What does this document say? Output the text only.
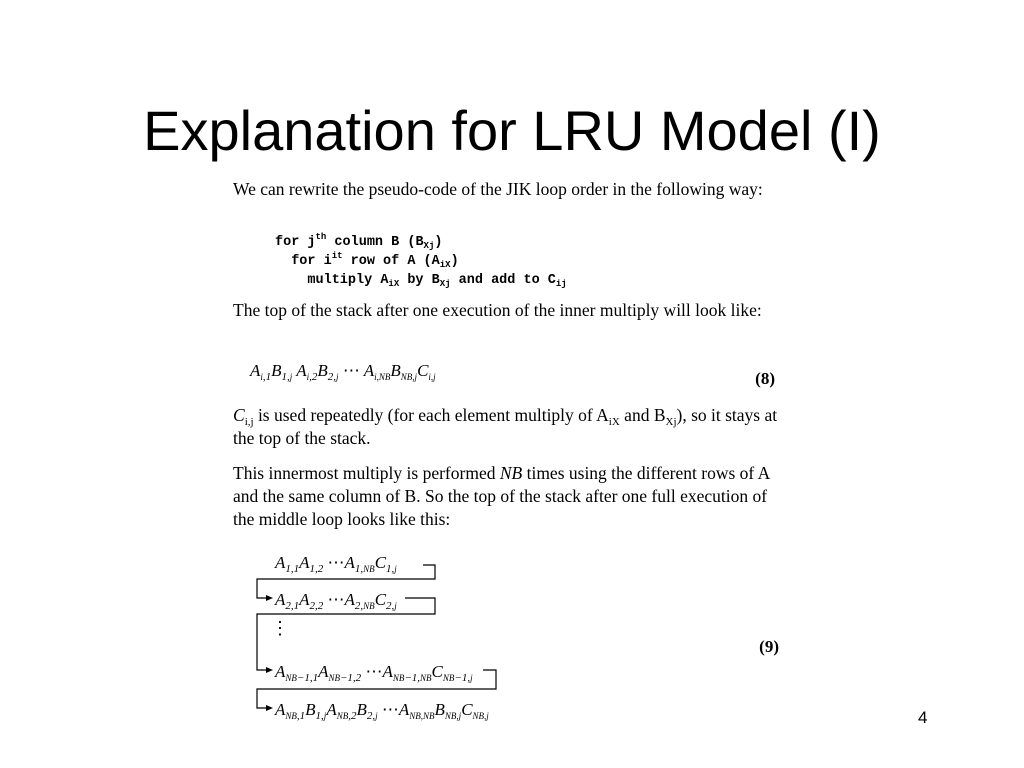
Explanation for LRU Model (I)

We can rewrite the pseudo-code of the JIK loop order in the following way:

for $j^{th}$ column B $(B_{Xj})$
for $i^{it}$ row of A $(A_{iX})$
multiply $A_{iX}$ by $B_{Xj}$ and add to $C_{ij}$

The top of the stack after one execution of the inner multiply will look like:

$A_{i,1}B_{1,j}$ $A_{i,2}B_{2,j}$ ⋯ $A_{i,NB}B_{NB,j}C_{i,j}$	(8)

$C_{i,j}$ is used repeatedly (for each element multiply of $A_{iX}$ and $B_{Xj}$), so it stays at the top of the stack.

This innermost multiply is performed NB times using the different rows of A and the same column of B. So the top of the stack after one full execution of the middle loop looks like this:

$A_{1,1}A_{1,2}$ $\cdots A_{1,NB}C_{1,j}$
$A_{2,1}A_{2,2}$ $\cdots A_{2,NB}C_{2,j}$
⋮
$A_{NB-1,1}A_{NB-1,2}$ $\cdots A_{NB-1,NB}C_{NB-1,j}$
$A_{NB,1}B_{1,j}A_{NB,2}B_{2,j}$ $\cdots A_{NB,NB}B_{NB,j}C_{NB,j}$
(9)
4
